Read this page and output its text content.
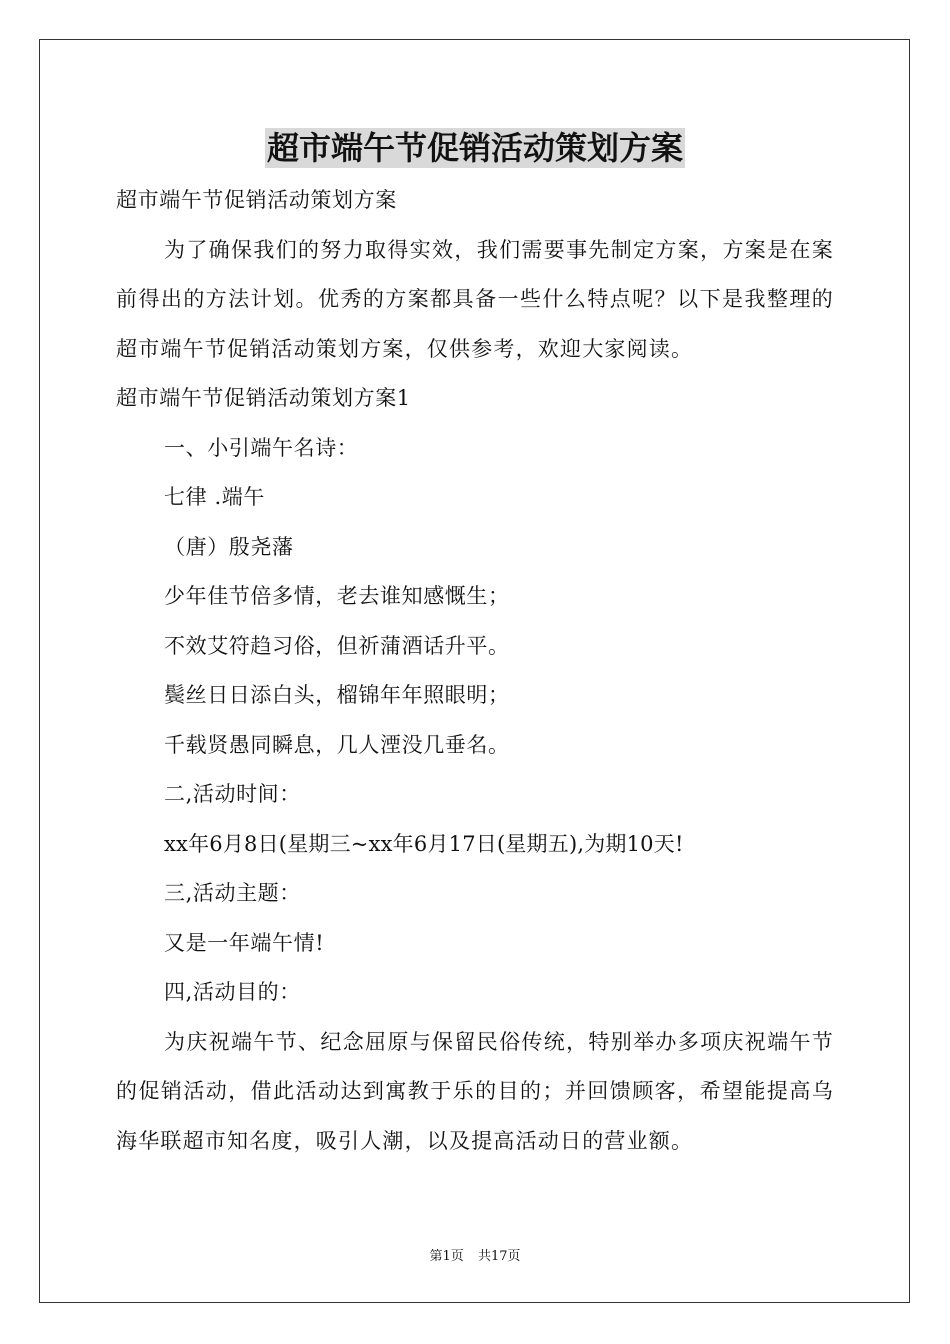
超市端午节促销活动策划方案
超市端午节促销活动策划方案
为了确保我们的努力取得实效，我们需要事先制定方案，方案是在案前得出的方法计划。优秀的方案都具备一些什么特点呢？以下是我整理的超市端午节促销活动策划方案，仅供参考，欢迎大家阅读。
超市端午节促销活动策划方案1
一、小引端午名诗：
七律 .端午
（唐）殷尧藩
少年佳节倍多情，老去谁知感慨生；
不效艾符趋习俗，但祈蒲酒话升平。
鬓丝日日添白头，榴锦年年照眼明；
千载贤愚同瞬息，几人湮没几垂名。
二,活动时间：
xx年6月8日(星期三~xx年6月17日(星期五),为期10天!
三,活动主题：
又是一年端午情!
四,活动目的：
为庆祝端午节、纪念屈原与保留民俗传统，特别举办多项庆祝端午节的促销活动，借此活动达到寓教于乐的目的；并回馈顾客，希望能提高乌海华联超市知名度，吸引人潮，以及提高活动日的营业额。
第1页 共17页
